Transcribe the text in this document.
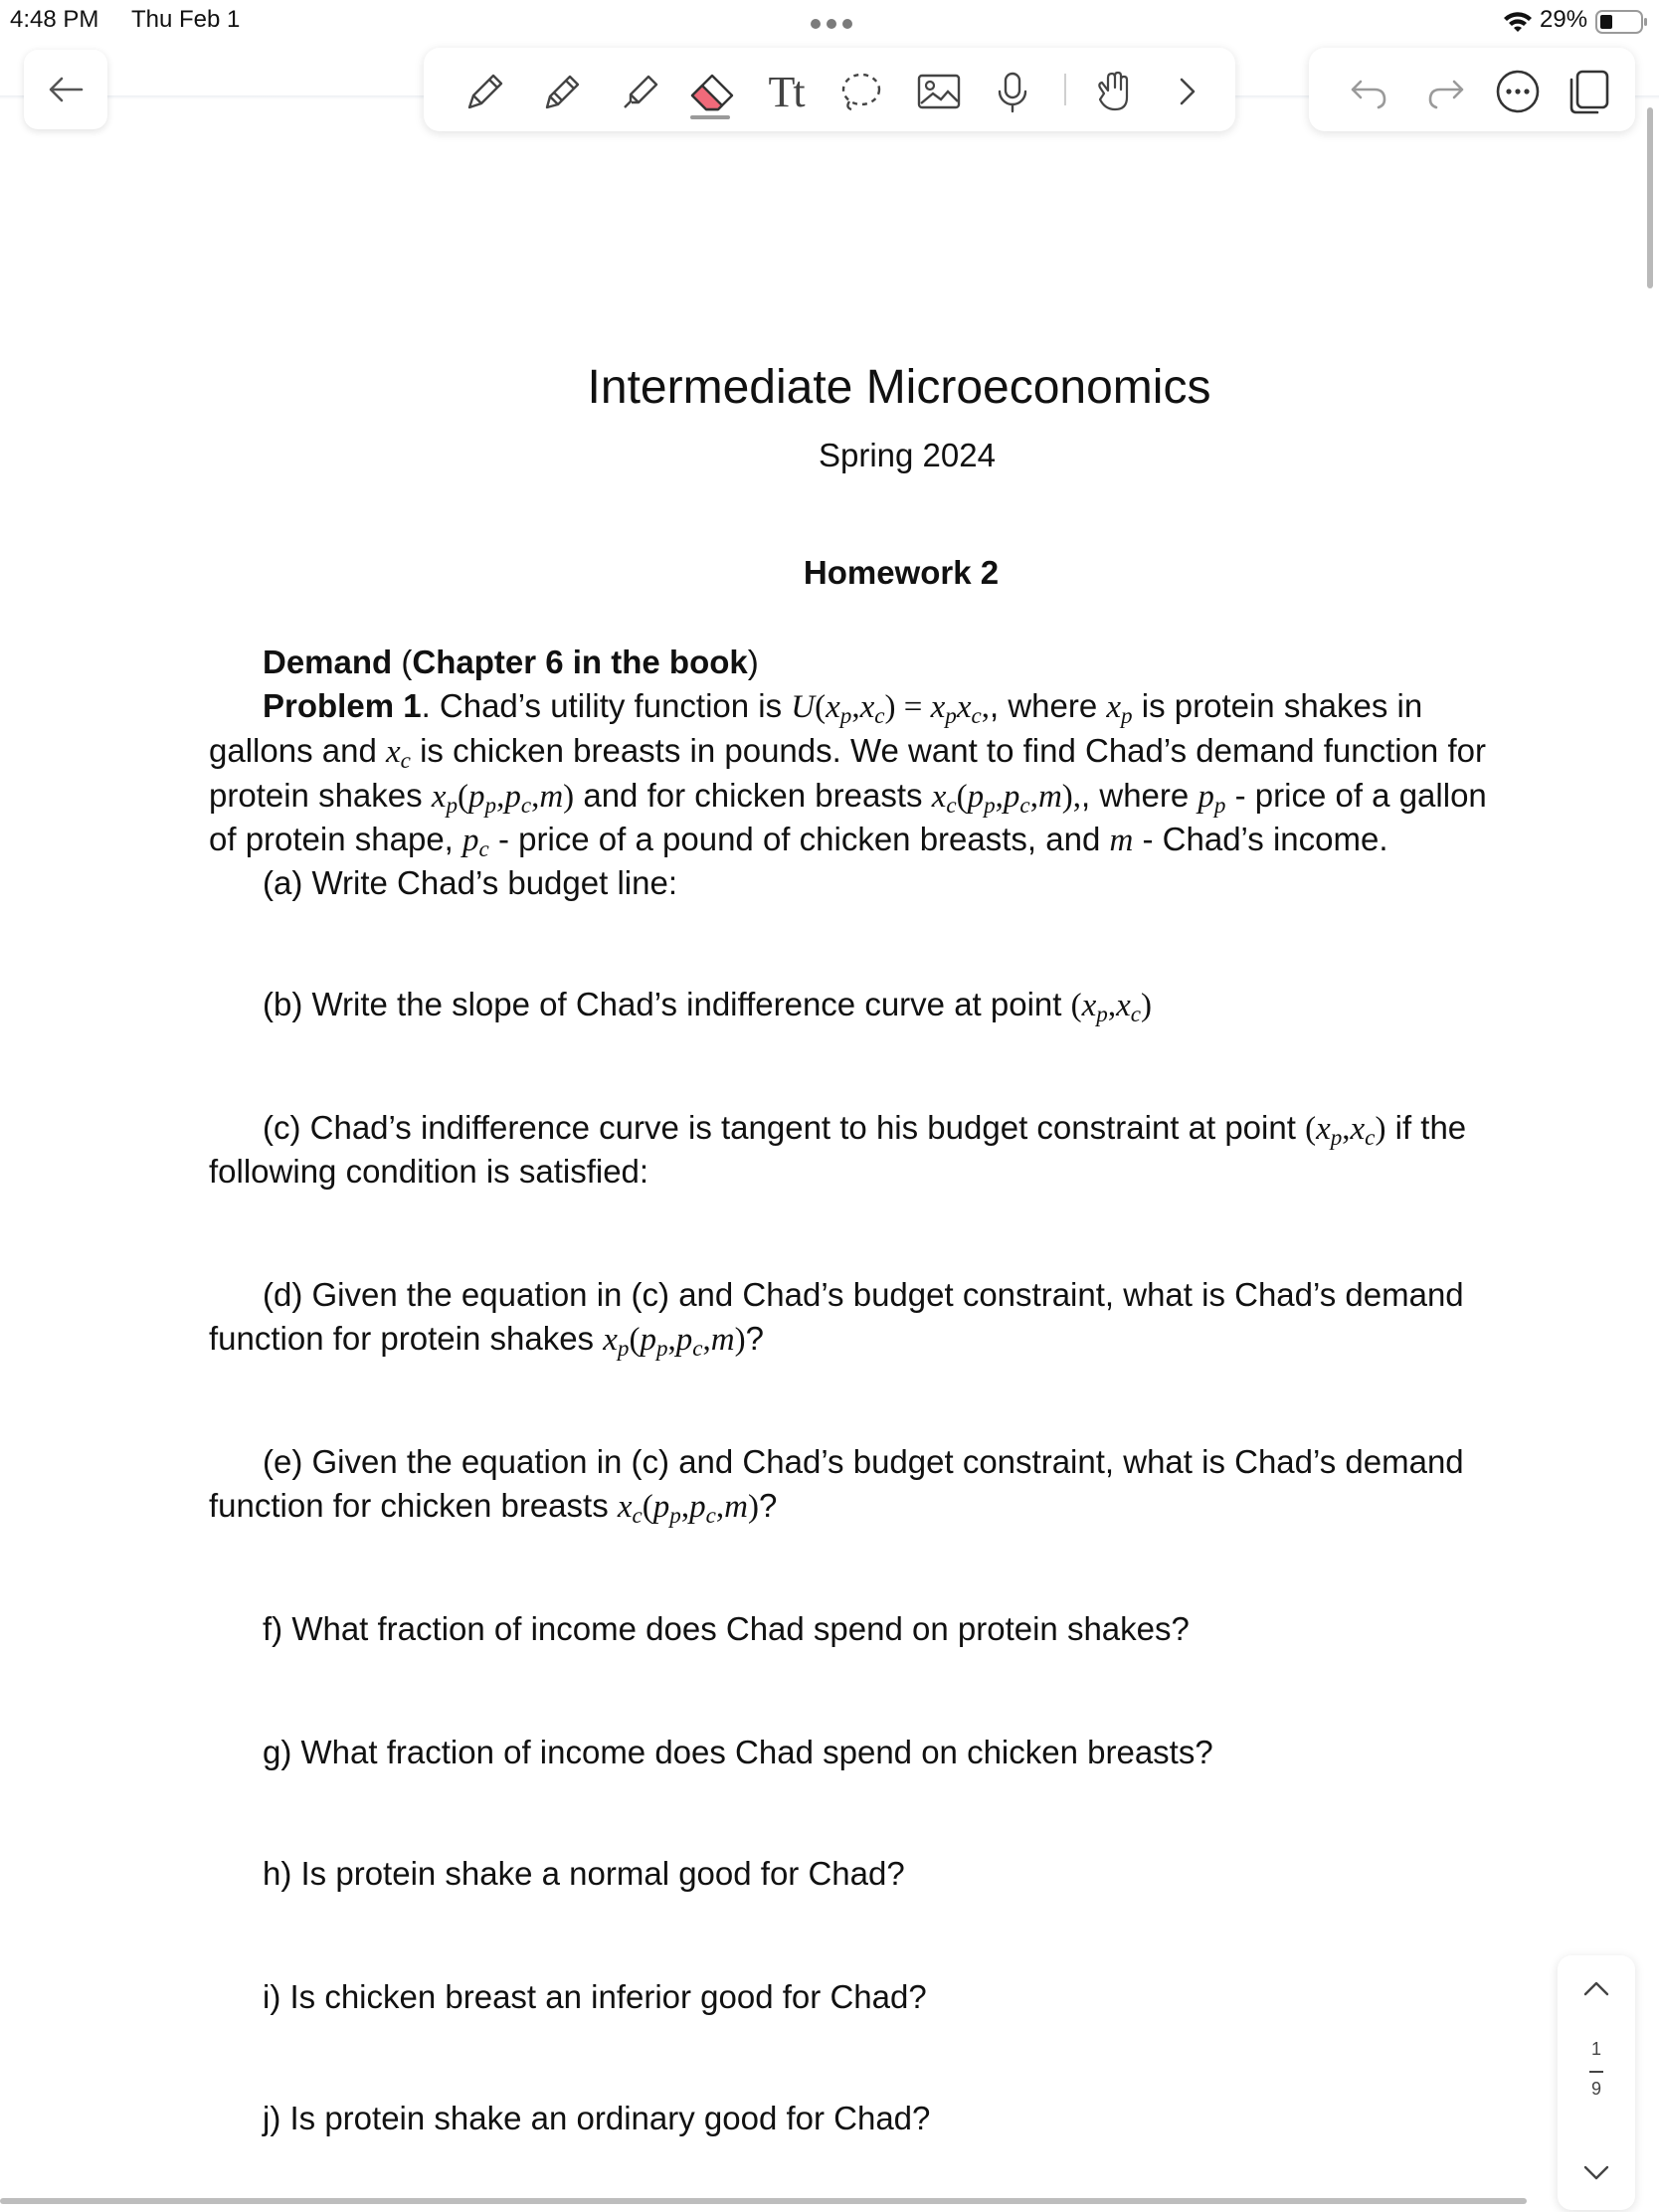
4:48 PM Thu Feb 1	29%
Tt
Intermediate Microeconomics
Spring 2024
Homework 2
Demand (Chapter 6 in the book)
Problem 1. Chad’s utility function is $U(x_p,x_c) = x_px_c$,, where $x_p$ is protein shakes in
gallons and $x_c$ is chicken breasts in pounds. We want to find Chad’s demand function for
protein shakes $x_p(p_p,p_c,m)$ and for chicken breasts $x_c(p_p,p_c,m)$,, where $p_p$ - price of a gallon
of protein shape, $p_c$ - price of a pound of chicken breasts, and m - Chad’s income.
(a) Write Chad’s budget line:
(b) Write the slope of Chad’s indifference curve at point $(x_p,x_c)$
(c) Chad’s indifference curve is tangent to his budget constraint at point $(x_p,x_c)$ if the
following condition is satisfied:
(d) Given the equation in (c) and Chad’s budget constraint, what is Chad’s demand
function for protein shakes $x_p(p_p,p_c,m)$?
(e) Given the equation in (c) and Chad’s budget constraint, what is Chad’s demand
function for chicken breasts $x_c(p_p,p_c,m)$?
f) What fraction of income does Chad spend on protein shakes?
g) What fraction of income does Chad spend on chicken breasts?
h) Is protein shake a normal good for Chad?
i) Is chicken breast an inferior good for Chad?
j) Is protein shake an ordinary good for Chad?
1
9
